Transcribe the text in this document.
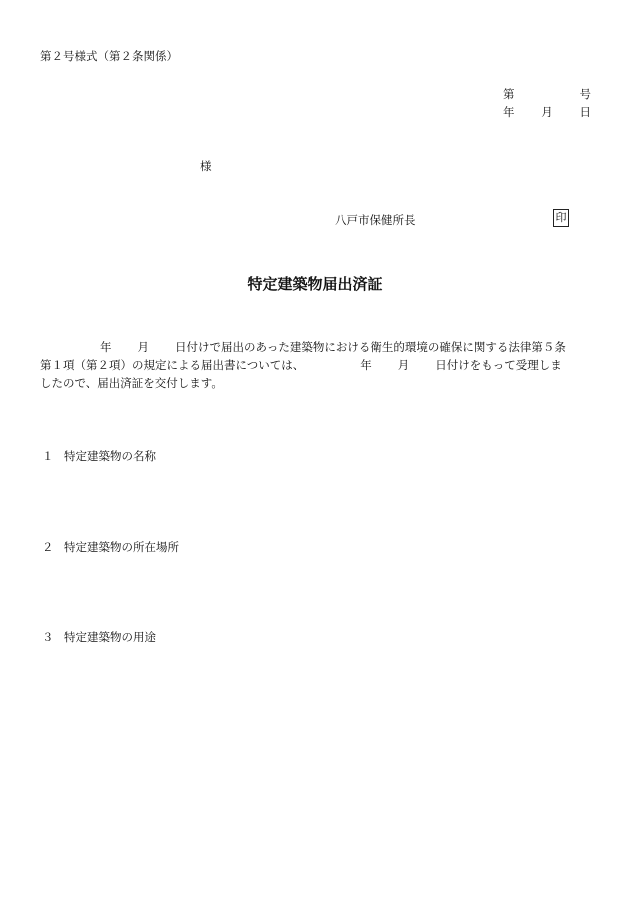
第２号様式（第２条関係）
第	号
年 月 日
様
八戸市保健所長	印
特定建築物届出済証
年 月 日付けで届出のあった建築物における衛生的環境の確保に関する法律第５条
第１項（第２項）の規定による届出書については、	年 月 日付けをもって受理しま
したので、届出済証を交付します。
１ 特定建築物の名称
２ 特定建築物の所在場所
３ 特定建築物の用途
